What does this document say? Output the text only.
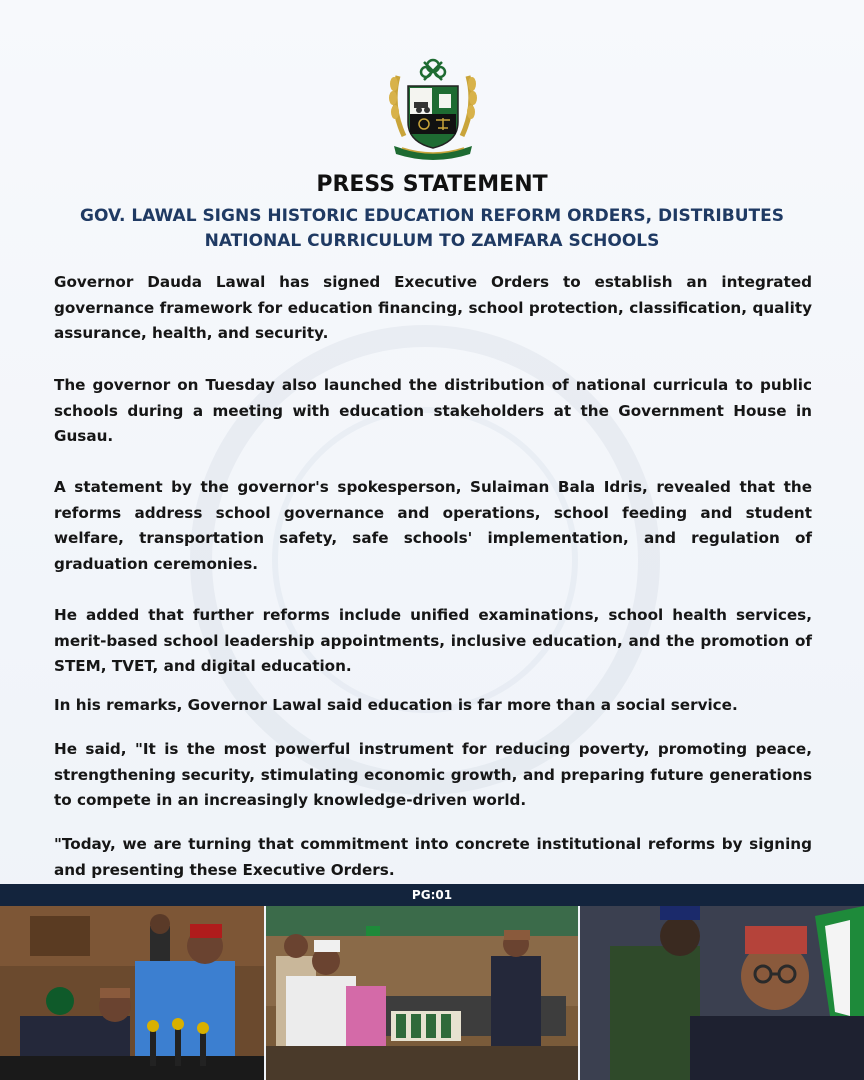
PRESS STATEMENT
GOV. LAWAL SIGNS HISTORIC EDUCATION REFORM ORDERS, DISTRIBUTES
NATIONAL CURRICULUM TO ZAMFARA SCHOOLS

Governor Dauda Lawal has signed Executive Orders to establish an integrated governance framework for education financing, school protection, classification, quality assurance, health, and security.

The governor on Tuesday also launched the distribution of national curricula to public schools during a meeting with education stakeholders at the Government House in Gusau.

A statement by the governor's spokesperson, Sulaiman Bala Idris, revealed that the reforms address school governance and operations, school feeding and student welfare, transportation safety, safe schools' implementation, and regulation of graduation ceremonies.

He added that further reforms include unified examinations, school health services, merit-based school leadership appointments, inclusive education, and the promotion of STEM, TVET, and digital education.

In his remarks, Governor Lawal said education is far more than a social service.

He said, "It is the most powerful instrument for reducing poverty, promoting peace, strengthening security, stimulating economic growth, and preparing future generations to compete in an increasingly knowledge-driven world.

"Today, we are turning that commitment into concrete institutional reforms by signing and presenting these Executive Orders.

PG:01
